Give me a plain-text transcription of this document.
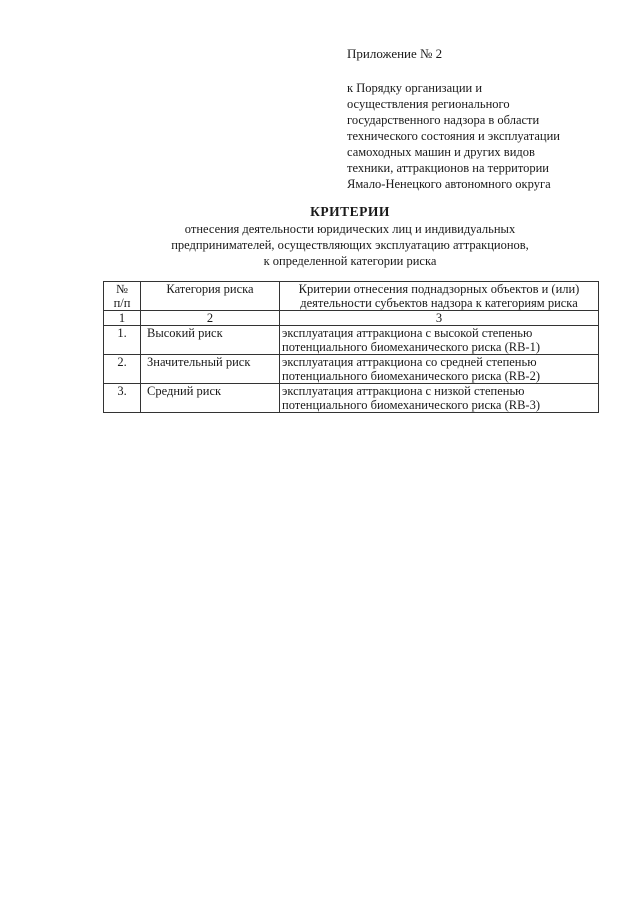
Приложение № 2
к Порядку организации и
осуществления регионального
государственного надзора в области
технического состояния и эксплуатации
самоходных машин и других видов
техники, аттракционов на территории
Ямало-Ненецкого автономного округа
КРИТЕРИИ
отнесения деятельности юридических лиц и индивидуальных
предпринимателей, осуществляющих эксплуатацию аттракционов,
к определенной категории риска
№
п/п	Категория риска	Критерии отнесения поднадзорных объектов и (или) деятельности субъектов надзора к категориям риска
1	2	3
1.	Высокий риск	эксплуатация аттракциона с высокой степенью
потенциального биомеханического риска (RB-1)

2.	Значительный риск	эксплуатация аттракциона со средней степенью
потенциального биомеханического риска (RB-2)

3.	Средний риск	эксплуатация аттракциона с низкой степенью
потенциального биомеханического риска (RB-3)
